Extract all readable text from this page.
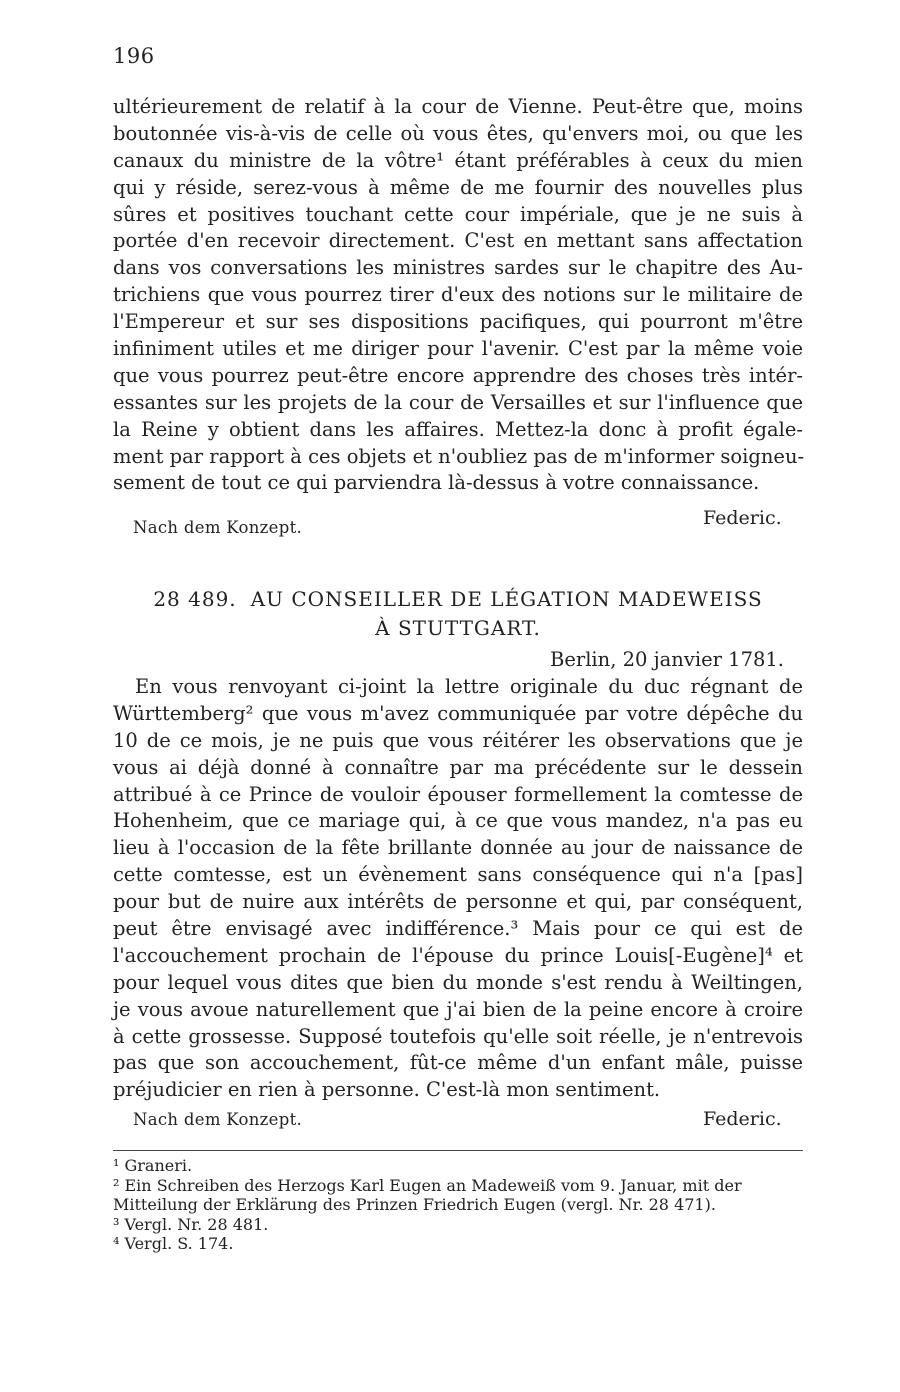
196
ultérieurement de relatif à la cour de Vienne. Peut-être que, moins
boutonnée vis-à-vis de celle où vous êtes, qu'envers moi, ou que les
canaux du ministre de la vôtre¹ étant préférables à ceux du mien
qui y réside, serez-vous à même de me fournir des nouvelles plus
sûres et positives touchant cette cour impériale, que je ne suis à
portée d'en recevoir directement. C'est en mettant sans affectation
dans vos conversations les ministres sardes sur le chapitre des Au-
trichiens que vous pourrez tirer d'eux des notions sur le militaire de
l'Empereur et sur ses dispositions pacifiques, qui pourront m'être
infiniment utiles et me diriger pour l'avenir. C'est par la même voie
que vous pourrez peut-être encore apprendre des choses très intér-
essantes sur les projets de la cour de Versailles et sur l'influence que
la Reine y obtient dans les affaires. Mettez-la donc à profit égale-
ment par rapport à ces objets et n'oubliez pas de m'informer soigneu-
sement de tout ce qui parviendra là-dessus à votre connaissance.
Nach dem Konzept.	Federic.
28 489. AU CONSEILLER DE LÉGATION MADEWEISS
À STUTTGART.
Berlin, 20 janvier 1781.
En vous renvoyant ci-joint la lettre originale du duc régnant de
Württemberg² que vous m'avez communiquée par votre dépêche du
10 de ce mois, je ne puis que vous réitérer les observations que je
vous ai déjà donné à connaître par ma précédente sur le dessein
attribué à ce Prince de vouloir épouser formellement la comtesse de
Hohenheim, que ce mariage qui, à ce que vous mandez, n'a pas eu
lieu à l'occasion de la fête brillante donnée au jour de naissance de
cette comtesse, est un évènement sans conséquence qui n'a [pas]
pour but de nuire aux intérêts de personne et qui, par conséquent,
peut être envisagé avec indifférence.³ Mais pour ce qui est de
l'accouchement prochain de l'épouse du prince Louis[-Eugène]⁴ et
pour lequel vous dites que bien du monde s'est rendu à Weiltingen,
je vous avoue naturellement que j'ai bien de la peine encore à croire
à cette grossesse. Supposé toutefois qu'elle soit réelle, je n'entrevois
pas que son accouchement, fût-ce même d'un enfant mâle, puisse
préjudicier en rien à personne. C'est-là mon sentiment.
Nach dem Konzept.	Federic.
¹ Graneri.
² Ein Schreiben des Herzogs Karl Eugen an Madeweiß vom 9. Januar, mit der
Mitteilung der Erklärung des Prinzen Friedrich Eugen (vergl. Nr. 28 471).
³ Vergl. Nr. 28 481.
⁴ Vergl. S. 174.
